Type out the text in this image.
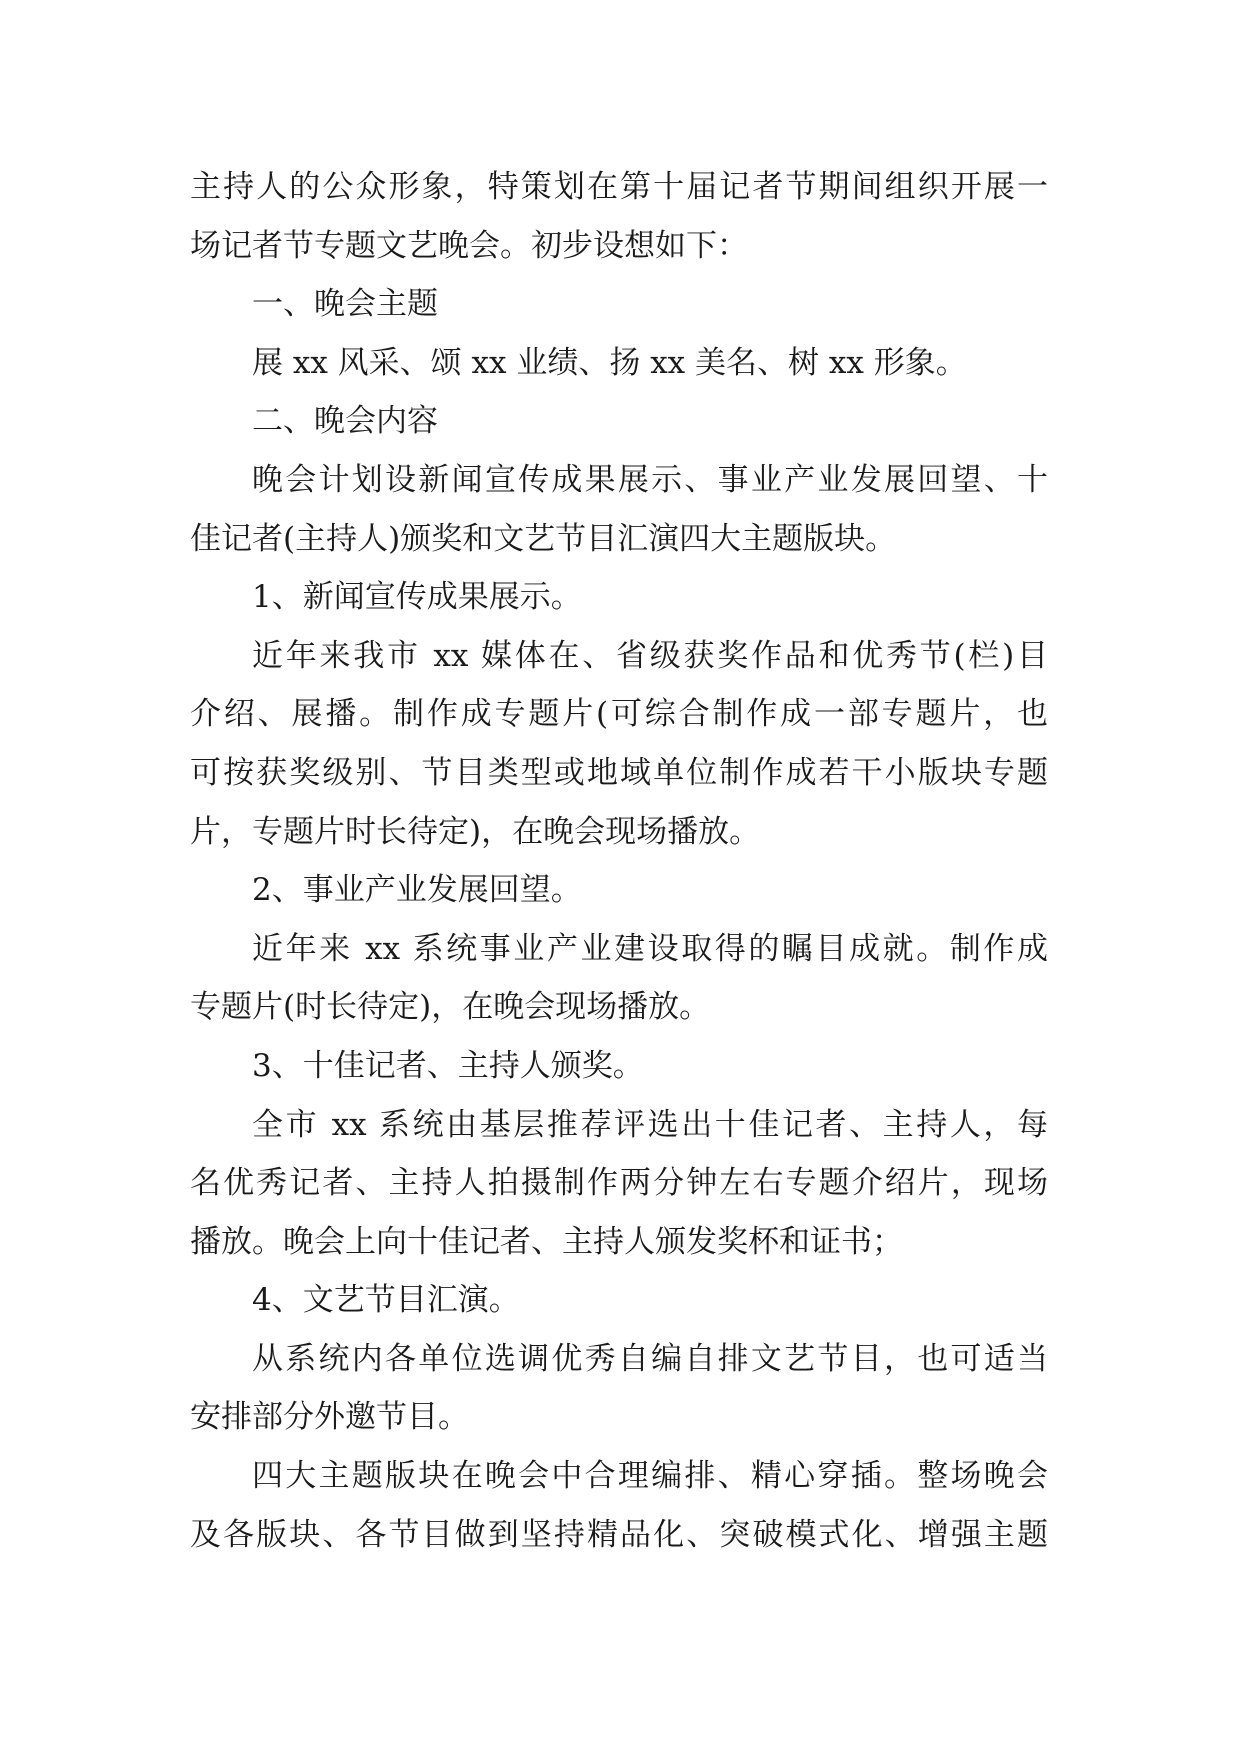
主持人的公众形象，特策划在第十届记者节期间组织开展一
场记者节专题文艺晚会。初步设想如下：
一、晚会主题
展 xx 风采、颂 xx 业绩、扬 xx 美名、树 xx 形象。
二、晚会内容
晚会计划设新闻宣传成果展示、事业产业发展回望、十
佳记者(主持人)颁奖和文艺节目汇演四大主题版块。
1、新闻宣传成果展示。
近年来我市 xx 媒体在、省级获奖作品和优秀节(栏)目
介绍、展播。制作成专题片(可综合制作成一部专题片，也
可按获奖级别、节目类型或地域单位制作成若干小版块专题
片，专题片时长待定)，在晚会现场播放。
2、事业产业发展回望。
近年来 xx 系统事业产业建设取得的瞩目成就。制作成
专题片(时长待定)，在晚会现场播放。
3、十佳记者、主持人颁奖。
全市 xx 系统由基层推荐评选出十佳记者、主持人，每
名优秀记者、主持人拍摄制作两分钟左右专题介绍片，现场
播放。晚会上向十佳记者、主持人颁发奖杯和证书；
4、文艺节目汇演。
从系统内各单位选调优秀自编自排文艺节目，也可适当
安排部分外邀节目。
四大主题版块在晚会中合理编排、精心穿插。整场晚会
及各版块、各节目做到坚持精品化、突破模式化、增强主题
